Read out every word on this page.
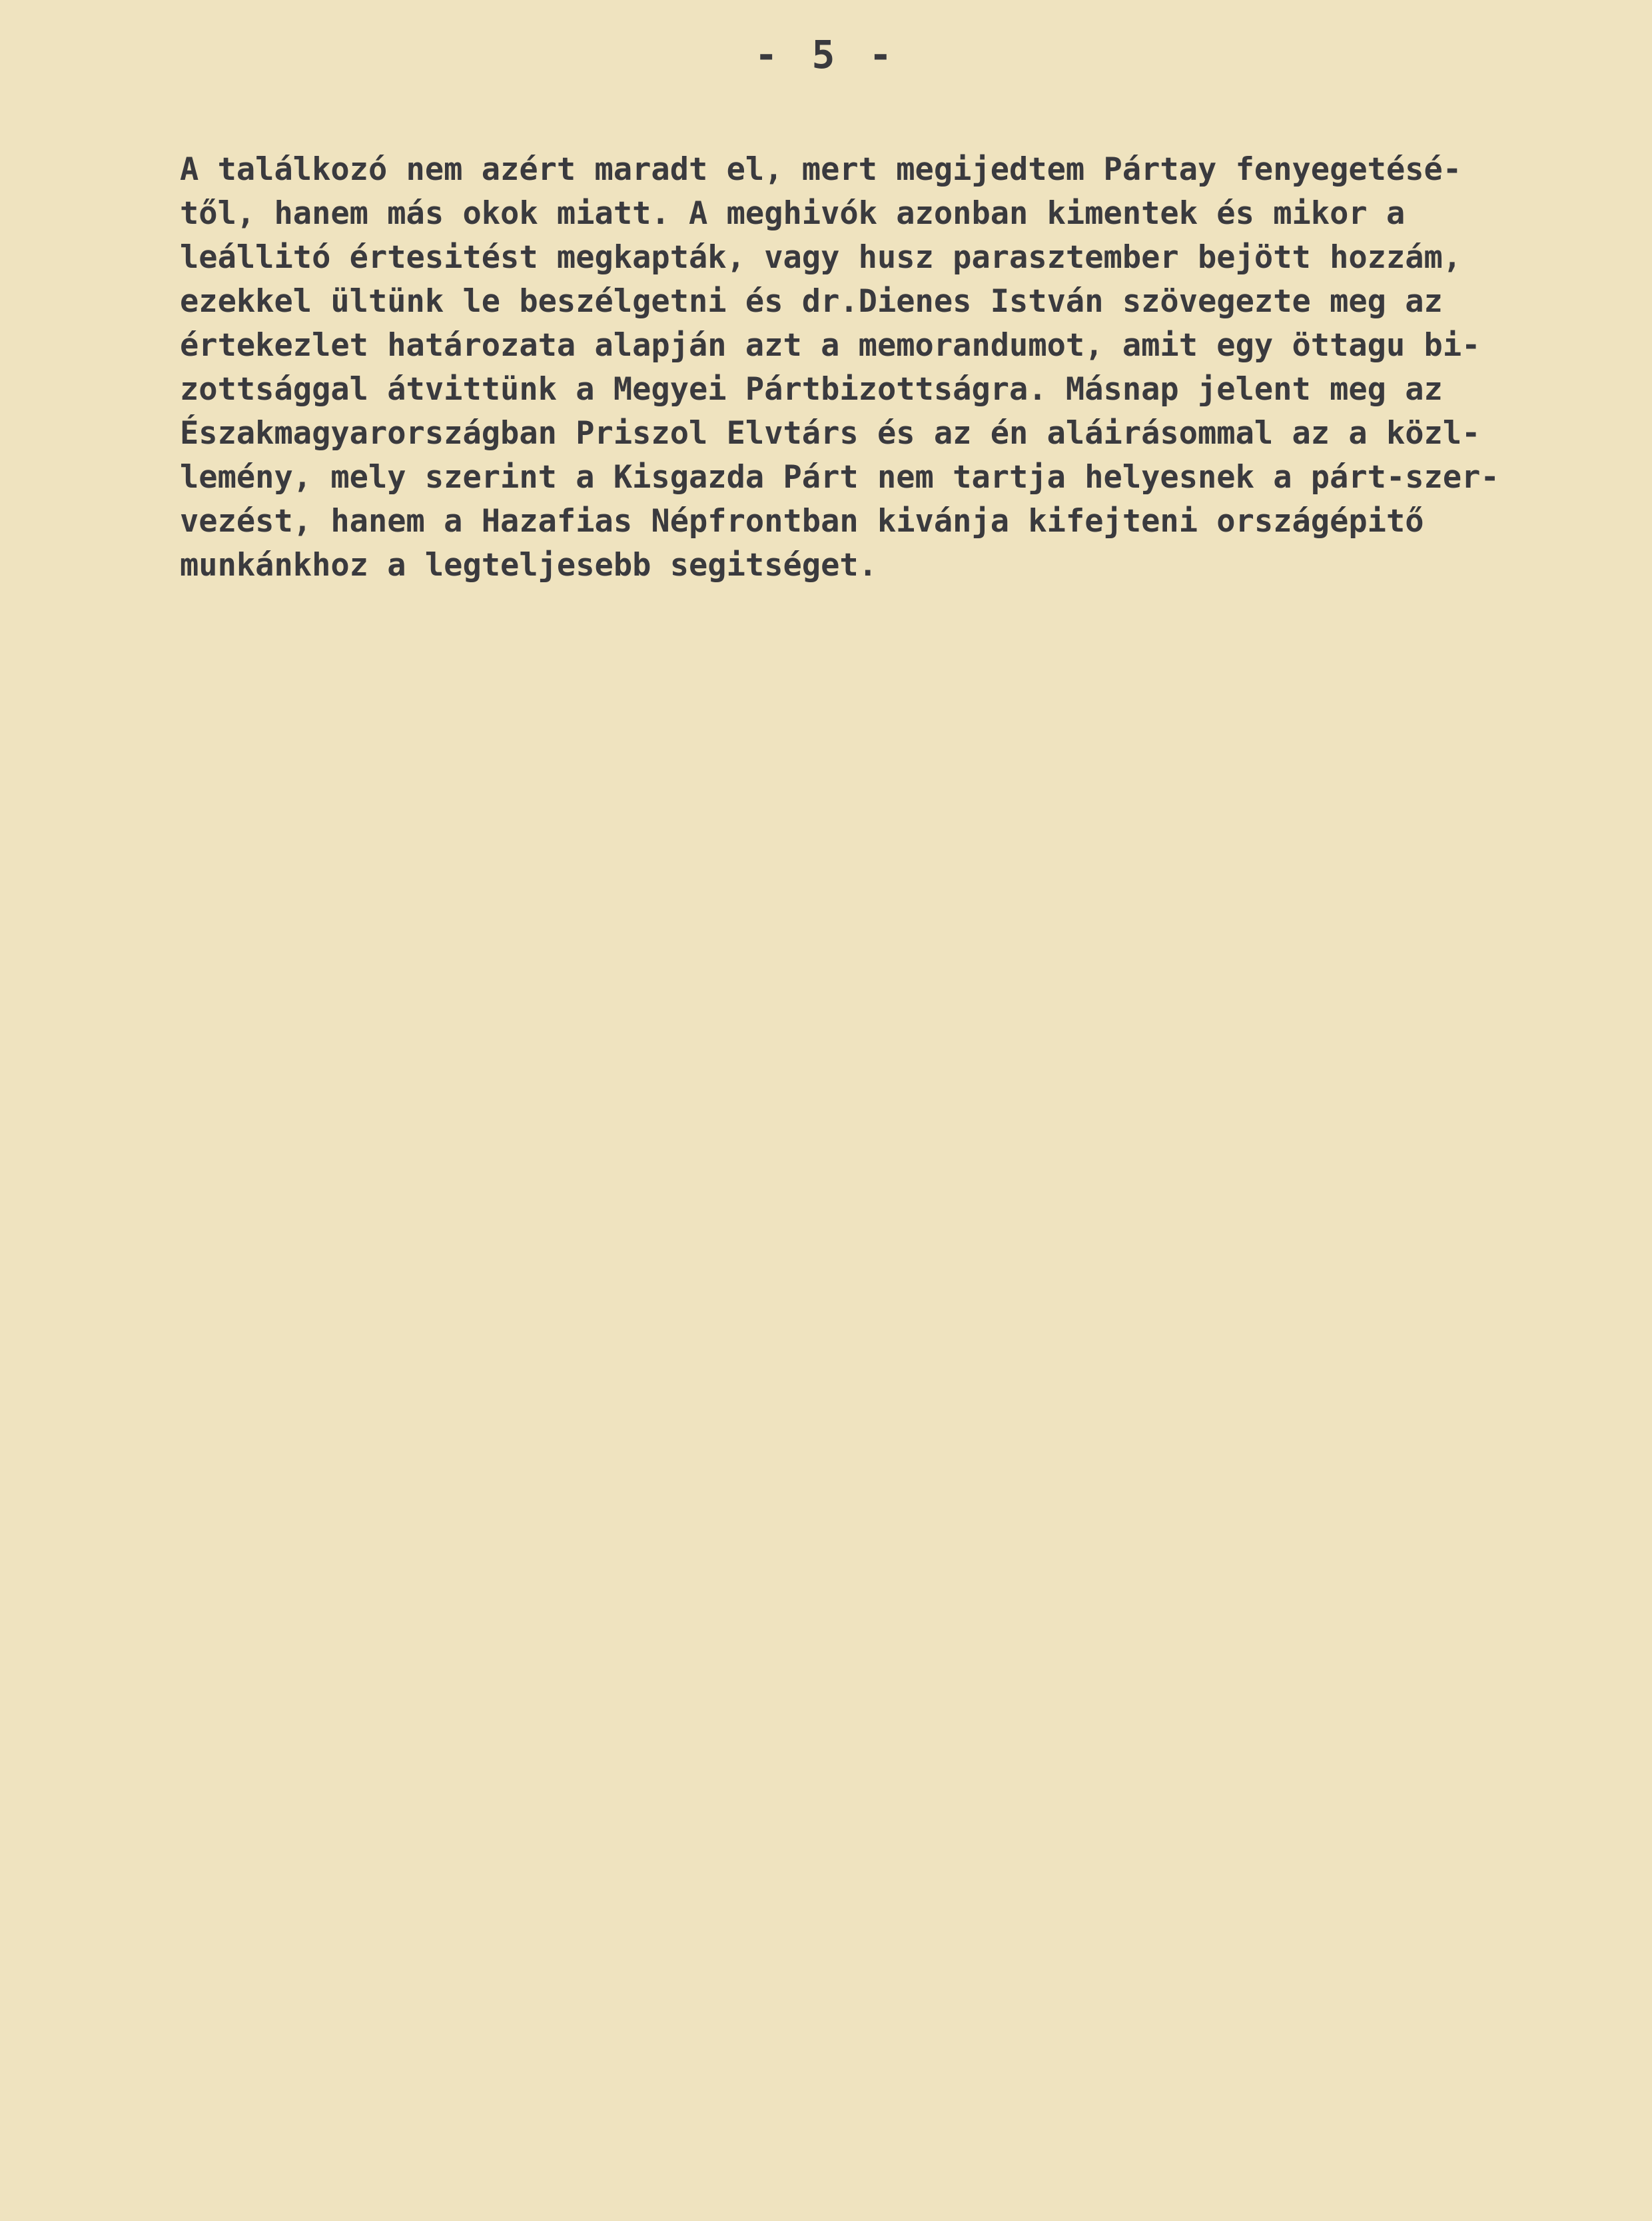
- 5 -
A találkozó nem azért maradt el, mert megijedtem Pártay fenyegetésé-
től, hanem más okok miatt. A meghivók azonban kimentek és mikor a
leállitó értesitést megkapták, vagy husz parasztember bejött hozzám,
ezekkel ültünk le beszélgetni és dr.Dienes István szövegezte meg az
értekezlet határozata alapján azt a memorandumot, amit egy öttagu bi-
zottsággal átvittünk a Megyei Pártbizottságra. Másnap jelent meg az
Északmagyarországban Priszol Elvtárs és az én aláirásommal az a közl-
lemény, mely szerint a Kisgazda Párt nem tartja helyesnek a párt-szer-
vezést, hanem a Hazafias Népfrontban kivánja kifejteni országépitő
munkánkhoz a legteljesebb segitséget.
